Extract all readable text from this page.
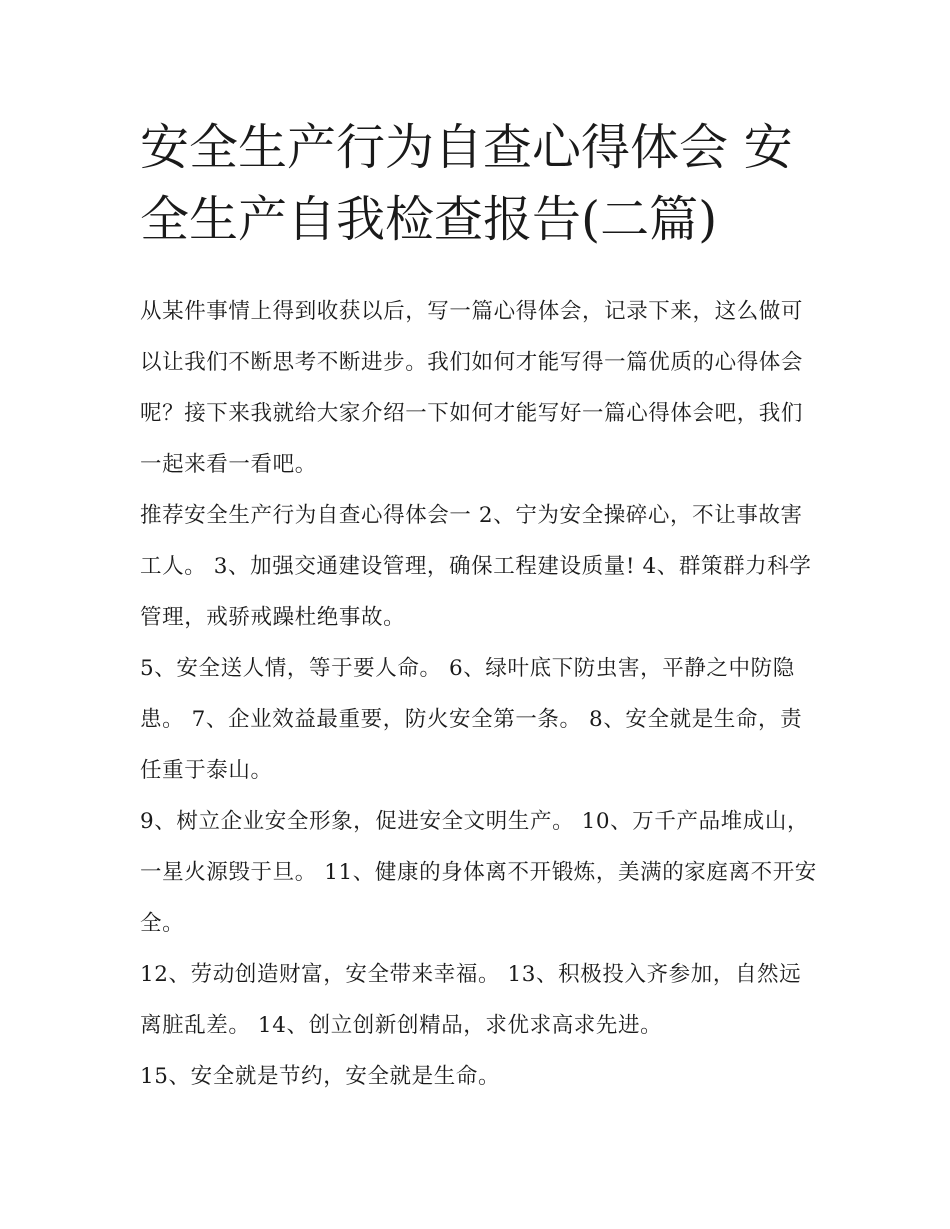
安全生产行为自查心得体会 安全生产自我检查报告(二篇)

从某件事情上得到收获以后，写一篇心得体会，记录下来，这么做可以让我们不断思考不断进步。我们如何才能写得一篇优质的心得体会呢？接下来我就给大家介绍一下如何才能写好一篇心得体会吧，我们一起来看一看吧。

推荐安全生产行为自查心得体会一 2、宁为安全操碎心，不让事故害工人。 3、加强交通建设管理，确保工程建设质量! 4、群策群力科学管理，戒骄戒躁杜绝事故。

5、安全送人情，等于要人命。 6、绿叶底下防虫害，平静之中防隐患。 7、企业效益最重要，防火安全第一条。 8、安全就是生命，责任重于泰山。

9、树立企业安全形象，促进安全文明生产。 10、万千产品堆成山，一星火源毁于旦。 11、健康的身体离不开锻炼，美满的家庭离不开安全。

12、劳动创造财富，安全带来幸福。 13、积极投入齐参加，自然远离脏乱差。 14、创立创新创精品，求优求高求先进。

15、安全就是节约，安全就是生命。
